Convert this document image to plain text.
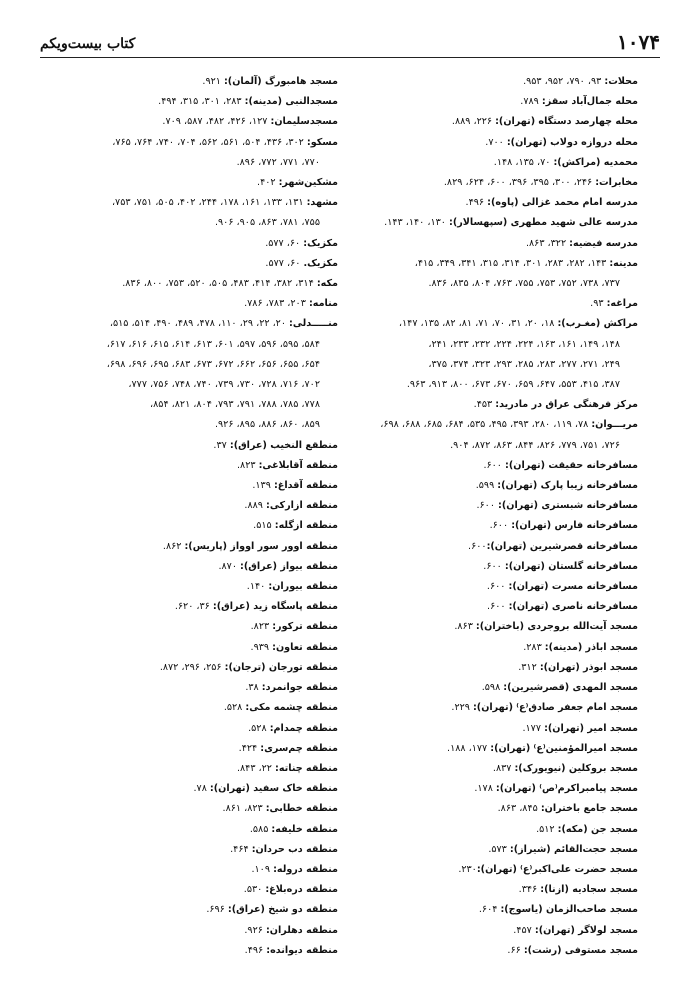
۱۰۷۴
کتاب بیست‌ویکم
محلات: ۹۳، ۷۹۰، ۹۵۲، ۹۵۳.
محله جمال‌آباد سقز: ۷۸۹.
محله چهارصد دستگاه (تهران): ۲۲۶، ۸۸۹.
محله دروازه دولاب (تهران): ۷۰۰.
محمدیه (مراکش): ۷۰، ۱۳۵، ۱۴۸.
مخابرات: ۲۴۶، ۳۰۰، ۳۹۵، ۳۹۶، ۶۰۰، ۶۲۴، ۸۲۹.
مدرسه امام محمد غزالی (پاوه): ۴۹۶.
مدرسه عالی شهید مطهری (سپهسالار): ۱۳۰، ۱۴۰، ۱۴۳.
مدرسه فیضیه: ۳۲۲، ۸۶۳.
مدینه: ۱۴۳، ۲۸۲، ۲۸۳، ۳۰۱، ۳۱۴، ۳۱۵، ۳۴۱، ۳۴۹، ۴۱۵،
۷۳۷، ۷۳۸، ۷۵۲، ۷۵۳، ۷۵۵، ۷۶۳، ۸۰۴، ۸۳۵، ۸۳۶.
مراغه: ۹۳.
مراکش (مغـرب): ۱۸، ۲۰، ۳۱، ۷۰، ۷۱، ۸۱، ۸۲، ۱۳۵، ۱۴۷،
۱۴۸، ۱۴۹، ۱۶۱، ۱۶۳، ۲۲۴، ۲۲۴، ۲۳۲، ۲۳۳، ۲۴۱،
۲۴۹، ۲۷۱، ۲۷۷، ۲۸۳، ۲۸۵، ۲۹۳، ۳۲۳، ۳۷۴، ۳۷۵،
۳۸۷، ۴۱۵، ۵۵۳، ۶۴۷، ۶۵۹، ۶۷۰، ۶۷۳، ۸۰۰، ۹۱۳، ۹۶۳.
مرکز فرهنگی عراق در مادرید: ۴۵۳.
مریـــوان: ۷۸، ۱۱۹، ۲۸۰، ۳۹۳، ۴۹۵، ۵۳۵، ۶۸۴، ۶۸۵، ۶۸۸، ۶۹۸،
۷۲۶، ۷۵۱، ۷۷۹، ۸۲۶، ۸۴۴، ۸۶۳، ۸۷۲، ۹۰۴.
مسافرخانه حقیقت (تهران): ۶۰۰.
مسافرخانه زیبا پارک (تهران): ۵۹۹.
مسافرخانه شبستری (تهران): ۶۰۰.
مسافرخانه فارس (تهران): ۶۰۰.
مسافرخانه قصرشیرین (تهران):۶۰۰.
مسافرخانه گلستان (تهران): ۶۰۰.
مسافرخانه مسرت (تهران): ۶۰۰.
مسافرخانه ناصری (تهران): ۶۰۰.
مسجد آیت‌الله بروجردی (باختران): ۸۶۳.
مسجد اباذر (مدینه): ۲۸۳.
مسجد ابوذر (تهران): ۳۱۲.
مسجد المهدی (قصرشیرین): ۵۹۸.
مسجد امام جعفر صادق⁽ع⁾ (تهران): ۲۲۹.
مسجد امیر (تهران): ۱۷۷.
مسجد امیرالمؤمنین⁽ع⁾ (تهران): ۱۷۷، ۱۸۸.
مسجد بروکلین (نیویورک): ۸۳۷.
مسجد پیامبراکرم⁽ص⁾ (تهران): ۱۷۸.
مسجد جامع باختران: ۸۴۵، ۸۶۳.
مسجد جن (مکه): ۵۱۲.
مسجد حجت‌القائم (شیراز): ۵۷۳.
مسجد حضرت علی‌اکبر⁽ع⁾ (تهران):۲۳۰.
مسجد سجادیه (ازنا): ۳۴۶.
مسجد صاحب‌الزمان (یاسوج): ۶۰۴.
مسجد لولاگر (تهران): ۴۵۷.
مسجد مستوفی (رشت): ۶۶.
مسجد هامبورگ (آلمان): ۹۲۱.
مسجدالنبی (مدینه): ۲۸۳، ۳۰۱، ۳۱۵، ۴۹۴.
مسجدسلیمان: ۱۲۷، ۴۲۶، ۴۸۲، ۵۸۷، ۷۰۹.
مسکو: ۳۰۲، ۴۳۶، ۵۰۴، ۵۶۱، ۵۶۲، ۷۰۴، ۷۴۰، ۷۶۴، ۷۶۵،
۷۷۰، ۷۷۱، ۷۷۲، ۸۹۶.
مشکین‌شهر: ۴۰۲.
مشهد: ۱۳۱، ۱۳۳، ۱۶۱، ۱۷۸، ۲۴۴، ۴۰۲، ۵۰۵، ۷۵۱، ۷۵۳،
۷۵۵، ۷۸۱، ۸۶۳، ۹۰۵، ۹۰۶.
مکزیک: ۶۰، ۵۷۷.
مکزیک. ۶۰، ۵۷۷.
مکه: ۳۱۴، ۳۸۲، ۴۱۴، ۴۸۳، ۵۰۵، ۵۲۰، ۷۵۳، ۸۰۰، ۸۳۶.
منامه: ۲۰۳، ۷۸۳، ۷۸۶.
منـــــدلی: ۲۰، ۲۲، ۲۹، ۱۱۰، ۴۷۸، ۴۸۹، ۴۹۰، ۵۱۴، ۵۱۵،
۵۸۴، ۵۹۵، ۵۹۶، ۵۹۷، ۶۰۱، ۶۱۳، ۶۱۴، ۶۱۵، ۶۱۶، ۶۱۷،
۶۵۴، ۶۵۵، ۶۵۶، ۶۶۲، ۶۷۲، ۶۷۳، ۶۸۳، ۶۹۵، ۶۹۶، ۶۹۸،
۷۰۲، ۷۱۶، ۷۲۸، ۷۳۰، ۷۳۹، ۷۴۰، ۷۴۸، ۷۵۶، ۷۷۷،
۷۷۸، ۷۸۵، ۷۸۸، ۷۹۱، ۷۹۳، ۸۰۴، ۸۲۱، ۸۵۴،
۸۵۹، ۸۶۰، ۸۸۶، ۸۹۵، ۹۲۶.
منطقع النخیب (عراق): ۳۷.
منطقه آقابلاغی: ۸۲۳.
منطقه آقداغ: ۱۳۹.
منطقه ازارکی: ۸۸۹.
منطقه ازگله: ۵۱۵.
منطقه اوور سور اوواز (پاریس): ۸۶۲.
منطقه بیواز (عراق): ۸۷۰.
منطقه بیوران: ۱۴۰.
منطقه پاسگاه زید (عراق): ۳۶، ۶۲۰.
منطقه ترکور: ۸۲۳.
منطقه تعاون: ۹۳۹.
منطقه تورجان (ترجان): ۲۵۶، ۲۹۶، ۸۷۲.
منطقه جوانمرد: ۳۸.
منطقه چشمه مکی: ۵۲۸.
منطقه چمدام: ۵۲۸.
منطقه چم‌سری: ۴۲۴.
منطقه چناته: ۲۲، ۸۴۳.
منطقه خاک سفید (تهران): ۷۸.
منطقه خطابی: ۸۲۳، ۸۶۱.
منطقه خلیفه: ۵۸۵.
منطقه دب حردان: ۴۶۴.
منطقه دروله: ۱۰۹.
منطقه دره‌بلاغ: ۵۳۰.
منطقه دو شیخ (عراق): ۶۹۶.
منطقه دهلران: ۹۲۶.
منطقه دیوانده: ۴۹۶.
